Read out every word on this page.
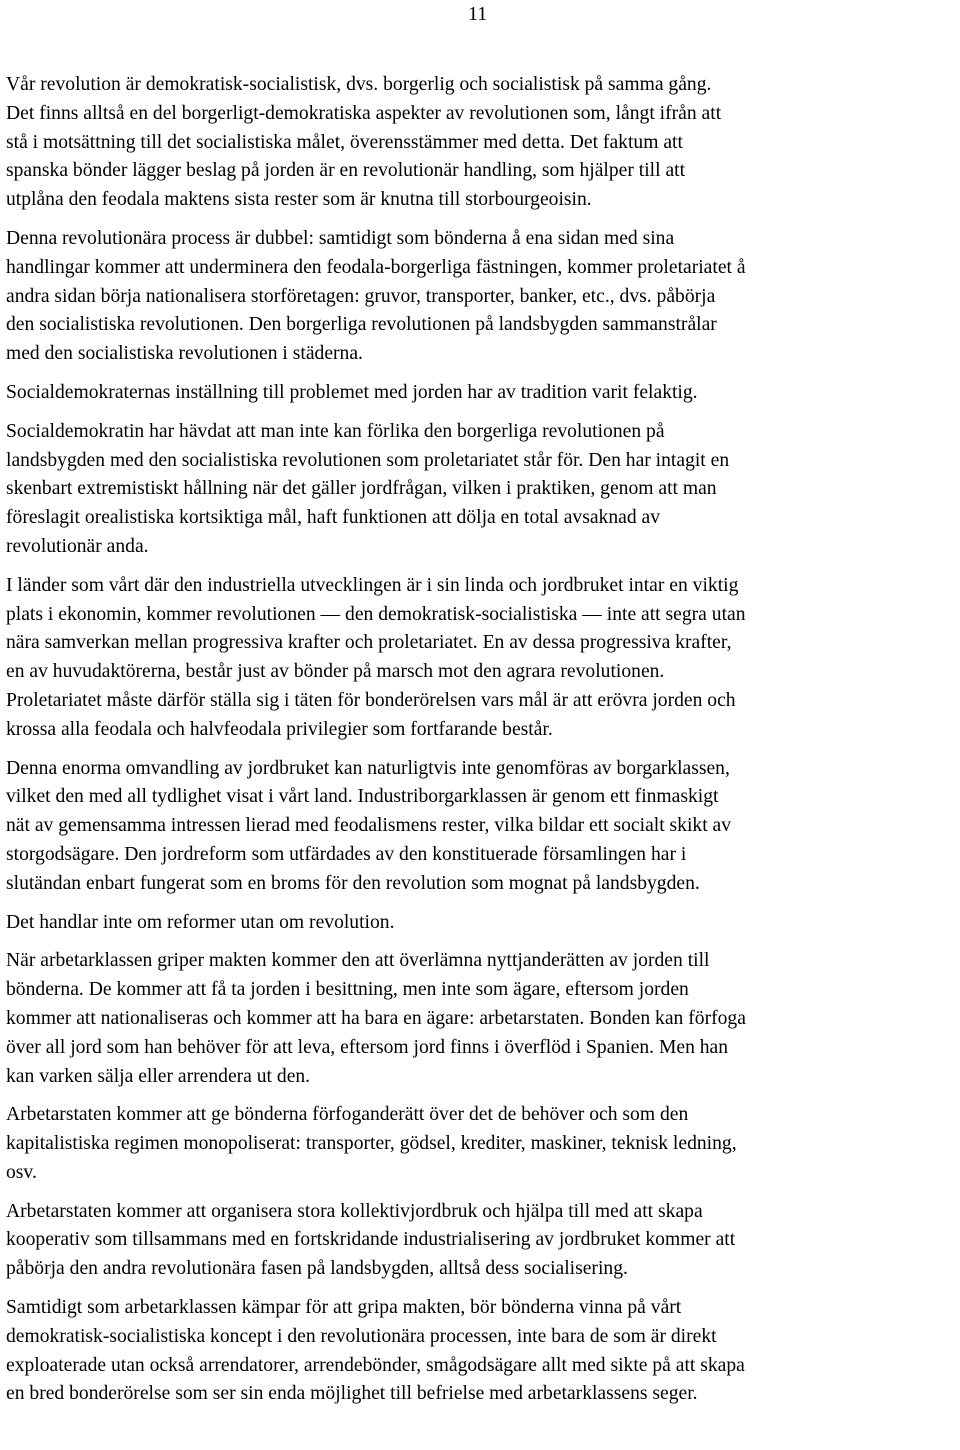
11

Vår revolution är demokratisk-socialistisk, dvs. borgerlig och socialistisk på samma gång.
Det finns alltså en del borgerligt-demokratiska aspekter av revolutionen som, långt ifrån att
stå i motsättning till det socialistiska målet, överensstämmer med detta. Det faktum att
spanska bönder lägger beslag på jorden är en revolutionär handling, som hjälper till att
utplåna den feodala maktens sista rester som är knutna till storbourgeoisin.

Denna revolutionära process är dubbel: samtidigt som bönderna å ena sidan med sina
handlingar kommer att underminera den feodala-borgerliga fästningen, kommer proletariatet å
andra sidan börja nationalisera storföretagen: gruvor, transporter, banker, etc., dvs. påbörja
den socialistiska revolutionen. Den borgerliga revolutionen på landsbygden sammanstrålar
med den socialistiska revolutionen i städerna.

Socialdemokraternas inställning till problemet med jorden har av tradition varit felaktig.

Socialdemokratin har hävdat att man inte kan förlika den borgerliga revolutionen på
landsbygden med den socialistiska revolutionen som proletariatet står för. Den har intagit en
skenbart extremistiskt hållning när det gäller jordfrågan, vilken i praktiken, genom att man
föreslagit orealistiska kortsiktiga mål, haft funktionen att dölja en total avsaknad av
revolutionär anda.

I länder som vårt där den industriella utvecklingen är i sin linda och jordbruket intar en viktig
plats i ekonomin, kommer revolutionen — den demokratisk-socialistiska — inte att segra utan
nära samverkan mellan progressiva krafter och proletariatet. En av dessa progressiva krafter,
en av huvudaktörerna, består just av bönder på marsch mot den agrara revolutionen.
Proletariatet måste därför ställa sig i täten för bonderörelsen vars mål är att erövra jorden och
krossa alla feodala och halvfeodala privilegier som fortfarande består.

Denna enorma omvandling av jordbruket kan naturligtvis inte genomföras av borgarklassen,
vilket den med all tydlighet visat i vårt land. Industriborgarklassen är genom ett finmaskigt
nät av gemensamma intressen lierad med feodalismens rester, vilka bildar ett socialt skikt av
storgodsägare. Den jordreform som utfärdades av den konstituerade församlingen har i
slutändan enbart fungerat som en broms för den revolution som mognat på landsbygden.

Det handlar inte om reformer utan om revolution.

När arbetarklassen griper makten kommer den att överlämna nyttjanderätten av jorden till
bönderna. De kommer att få ta jorden i besittning, men inte som ägare, eftersom jorden
kommer att nationaliseras och kommer att ha bara en ägare: arbetarstaten. Bonden kan förfoga
över all jord som han behöver för att leva, eftersom jord finns i överflöd i Spanien. Men han
kan varken sälja eller arrendera ut den.

Arbetarstaten kommer att ge bönderna förfoganderätt över det de behöver och som den
kapitalistiska regimen monopoliserat: transporter, gödsel, krediter, maskiner, teknisk ledning,
osv.

Arbetarstaten kommer att organisera stora kollektivjordbruk och hjälpa till med att skapa
kooperativ som tillsammans med en fortskridande industrialisering av jordbruket kommer att
påbörja den andra revolutionära fasen på landsbygden, alltså dess socialisering.

Samtidigt som arbetarklassen kämpar för att gripa makten, bör bönderna vinna på vårt
demokratisk-socialistiska koncept i den revolutionära processen, inte bara de som är direkt
exploaterade utan också arrendatorer, arrendebönder, smågodsägare allt med sikte på att skapa
en bred bonderörelse som ser sin enda möjlighet till befrielse med arbetarklassens seger.
